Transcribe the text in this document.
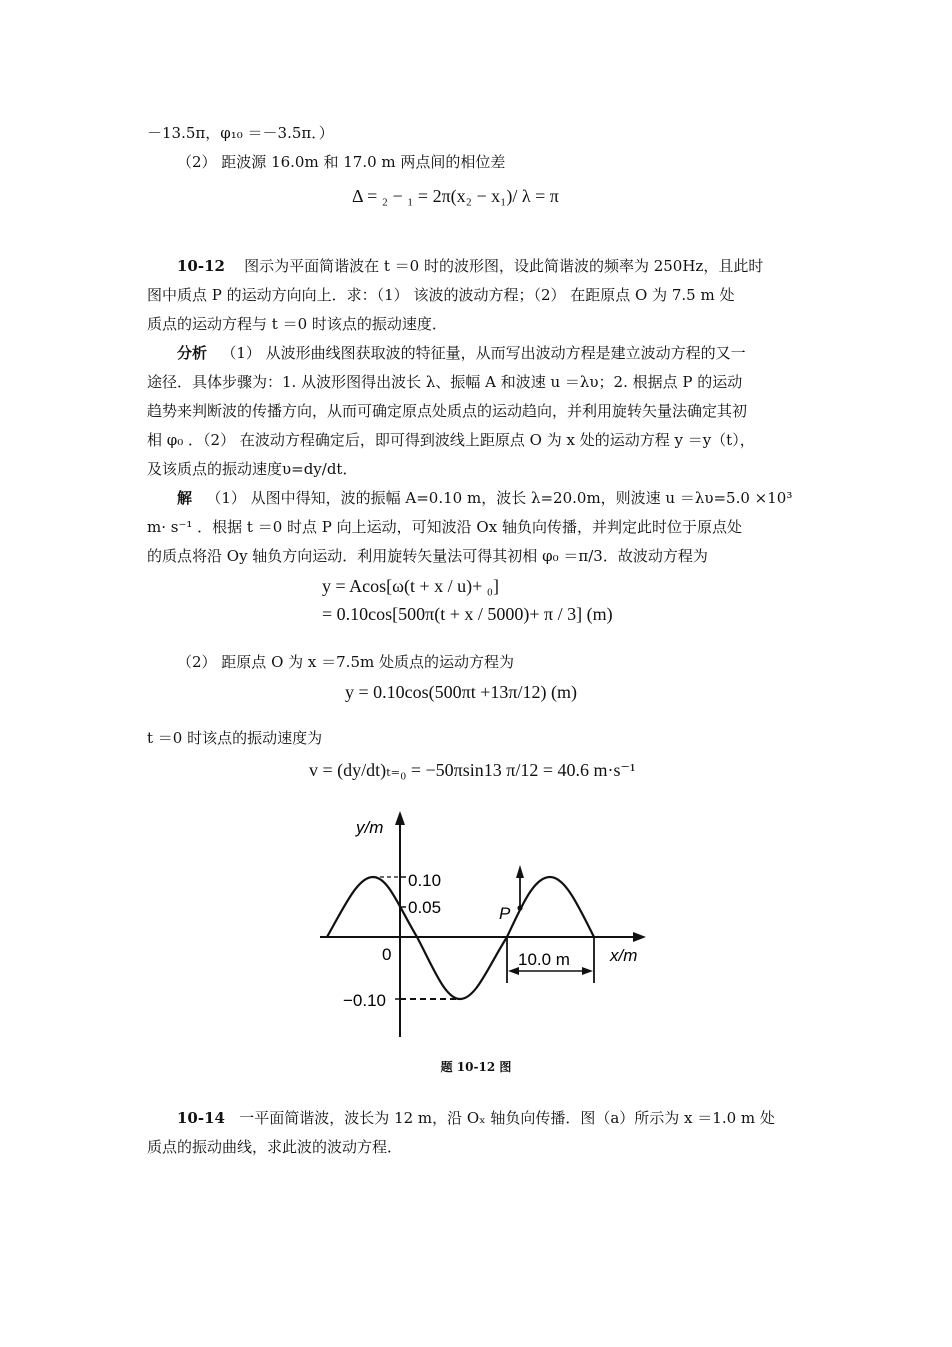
－13.5π，φ₁₀ ＝－3.5π．）
（2） 距波源 16.0m 和 17.0 m 两点间的相位差
Δ = ₂ − ₁ = 2π(x₂ − x₁)/ λ = π
10-12 图示为平面简谐波在 t ＝0 时的波形图，设此简谐波的频率为 250Hz，且此时
图中质点 P 的运动方向向上．求：（1） 该波的波动方程；（2） 在距原点 O 为 7.5 m 处
质点的运动方程与 t ＝0 时该点的振动速度．
分析 （1） 从波形曲线图获取波的特征量，从而写出波动方程是建立波动方程的又一
途径．具体步骤为：1. 从波形图得出波长 λ、振幅 A 和波速 u ＝λυ；2. 根据点 P 的运动
趋势来判断波的传播方向，从而可确定原点处质点的运动趋向，并利用旋转矢量法确定其初
相 φ₀ ．（2） 在波动方程确定后，即可得到波线上距原点 O 为 x 处的运动方程 y ＝y（t），
及该质点的振动速度υ=dy/dt．
解 （1） 从图中得知，波的振幅 A=0.10 m，波长 λ=20.0m，则波速 u ＝λυ=5.0 ×10³
m· s⁻¹ ．根据 t ＝0 时点 P 向上运动，可知波沿 Ox 轴负向传播，并判定此时位于原点处
的质点将沿 Oy 轴负方向运动．利用旋转矢量法可得其初相 φ₀ ＝π/3．故波动方程为
y = Acos[ω(t + x / u)+ ₀]
= 0.10cos[500π(t + x / 5000)+ π / 3] (m)
（2） 距原点 O 为 x ＝7.5m 处质点的运动方程为
y = 0.10cos(500πt +13π/12) (m)
t ＝0 时该点的振动速度为
v = (dy/dt)ₜ₌₀ = −50πsin13 π/12 = 40.6 m·s⁻¹
y/m
0.10
0.05
0
−0.10
P
10.0 m x/m
题 10-12 图
10-14 一平面简谐波，波长为 12 m，沿 Oₓ 轴负向传播．图（a）所示为 x ＝1.0 m 处
质点的振动曲线，求此波的波动方程．
